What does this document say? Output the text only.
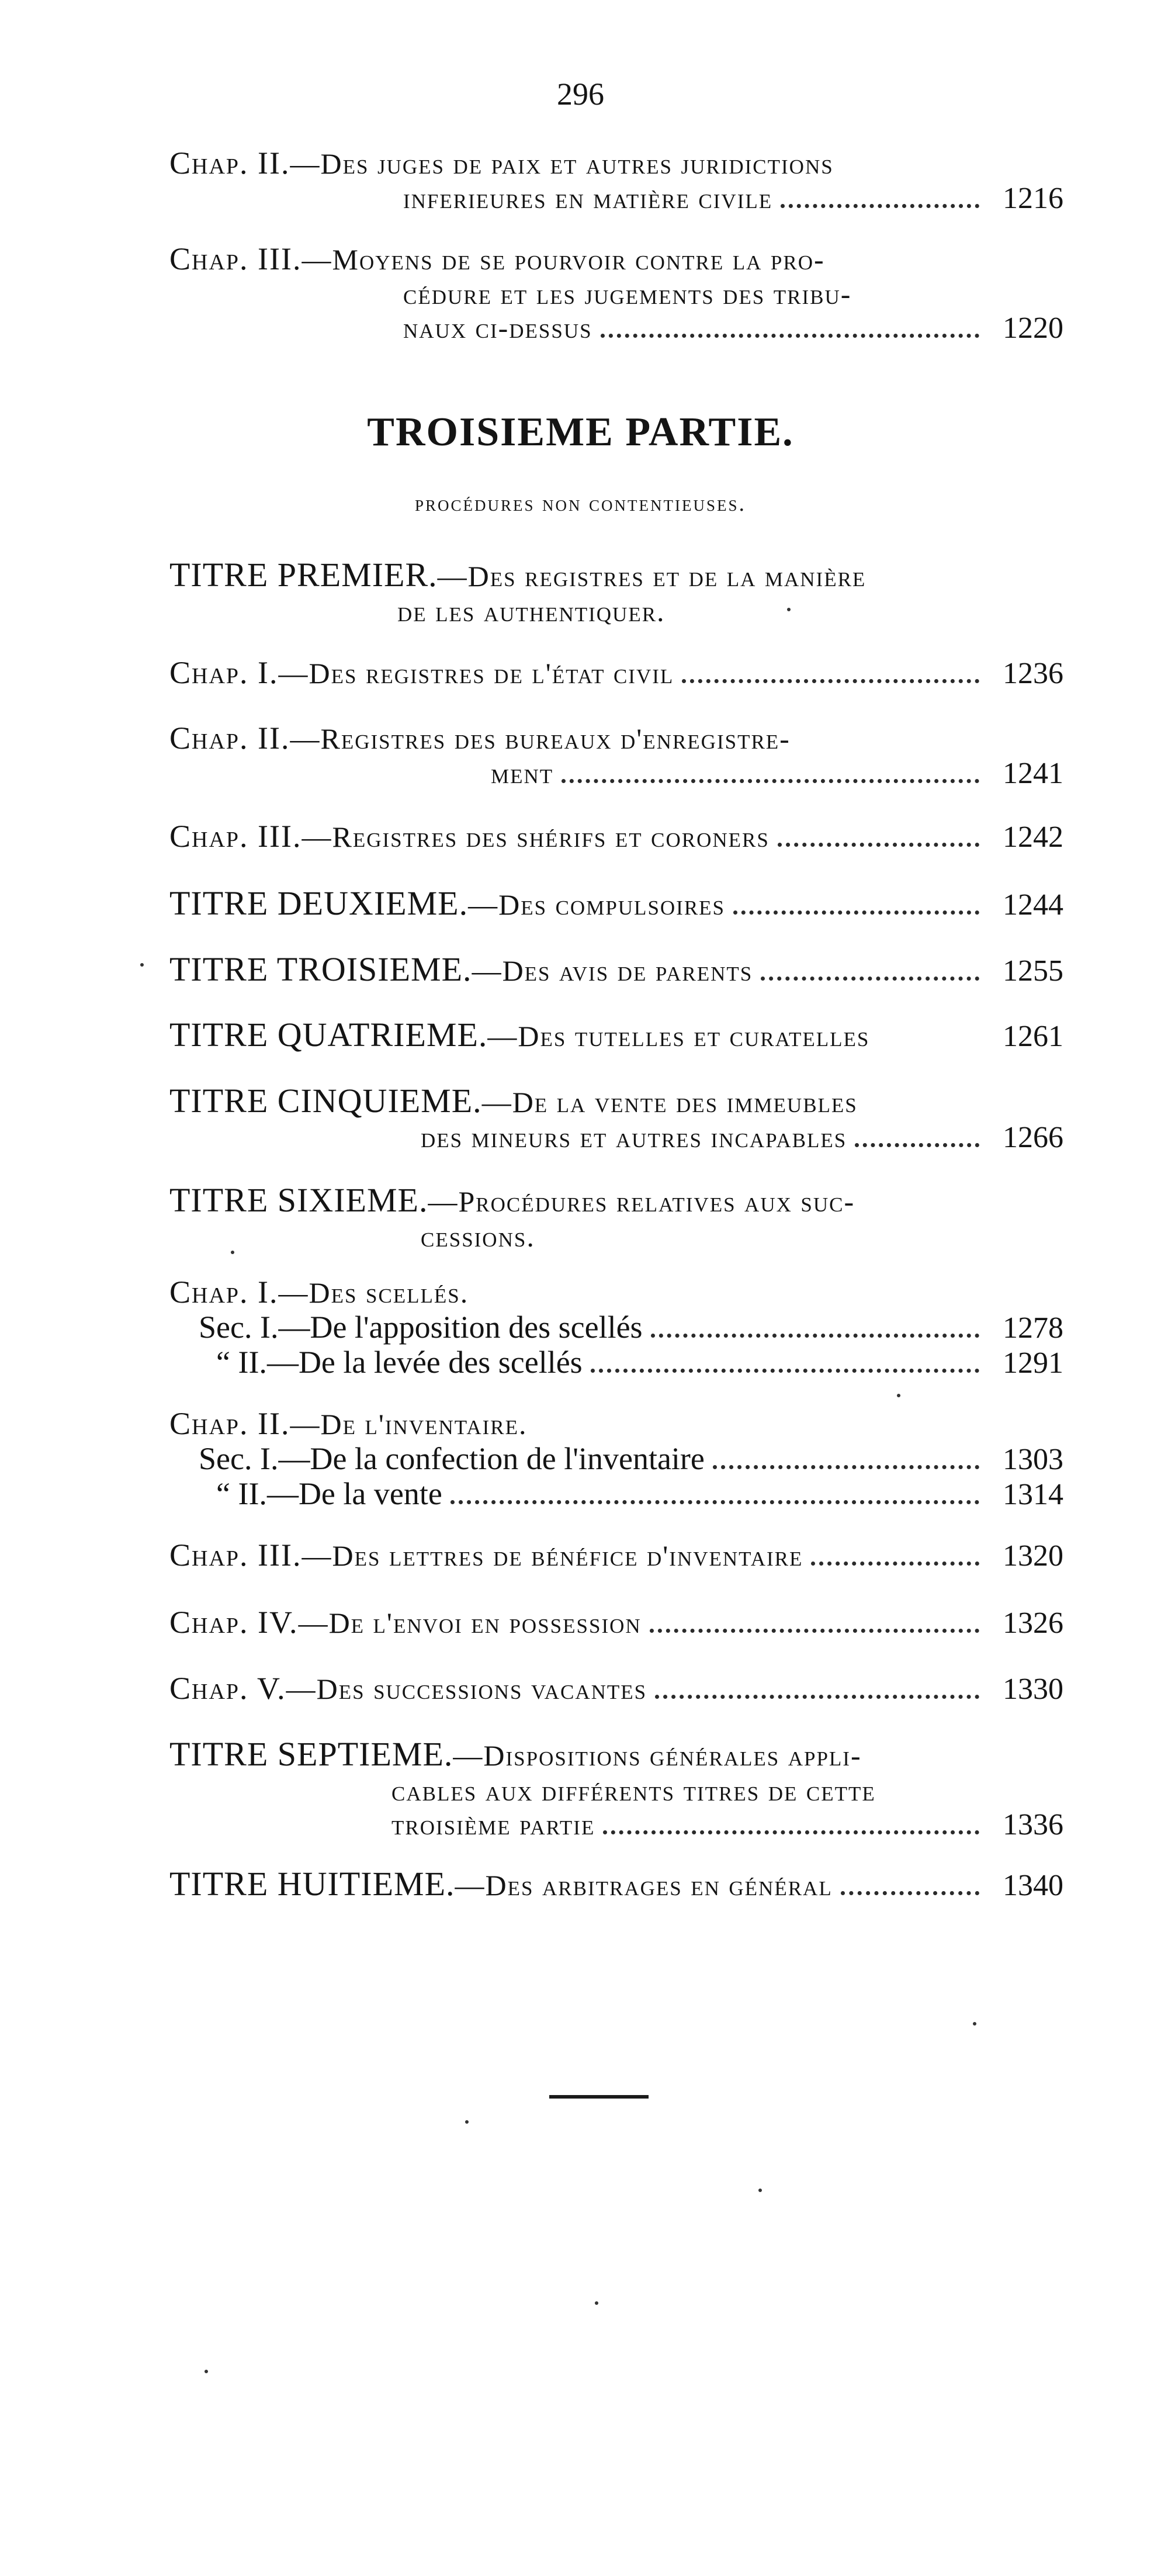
296
Chap. II. —Des juges de paix et autres juridictions
inferieures en matière civile	1216
Chap. III. —Moyens de se pourvoir contre la pro-
cédure et les jugements des tribu-
naux ci-dessus	1220
TROISIEME PARTIE.
procédures non contentieuses.
TITRE PREMIER. —Des registres et de la manière
de les authentiquer.
Chap. I. —Des registres de l'état civil	1236
Chap. II. —Registres des bureaux d'enregistre-
ment	1241
Chap. III. —Registres des shérifs et coroners	1242
TITRE DEUXIEME. —Des compulsoires	1244
TITRE TROISIEME. —Des avis de parents	1255
TITRE QUATRIEME. —Des tutelles et curatelles	1261
TITRE CINQUIEME. —De la vente des immeubles
des mineurs et autres incapables	1266
TITRE SIXIEME. —Procédures relatives aux suc-
cessions.
Chap. I. —Des scellés.
Sec. I. —De l'apposition des scellés	1278
“ II. —De la levée des scellés	1291
Chap. II. —De l'inventaire.
Sec. I. —De la confection de l'inventaire	1303
“ II. —De la vente	1314
Chap. III. —Des lettres de bénéfice d'inventaire	1320
Chap. IV. —De l'envoi en possession	1326
Chap. V. —Des successions vacantes	1330
TITRE SEPTIEME. —Dispositions générales appli-
cables aux différents titres de cette
troisième partie	1336
TITRE HUITIEME. —Des arbitrages en général	1340
